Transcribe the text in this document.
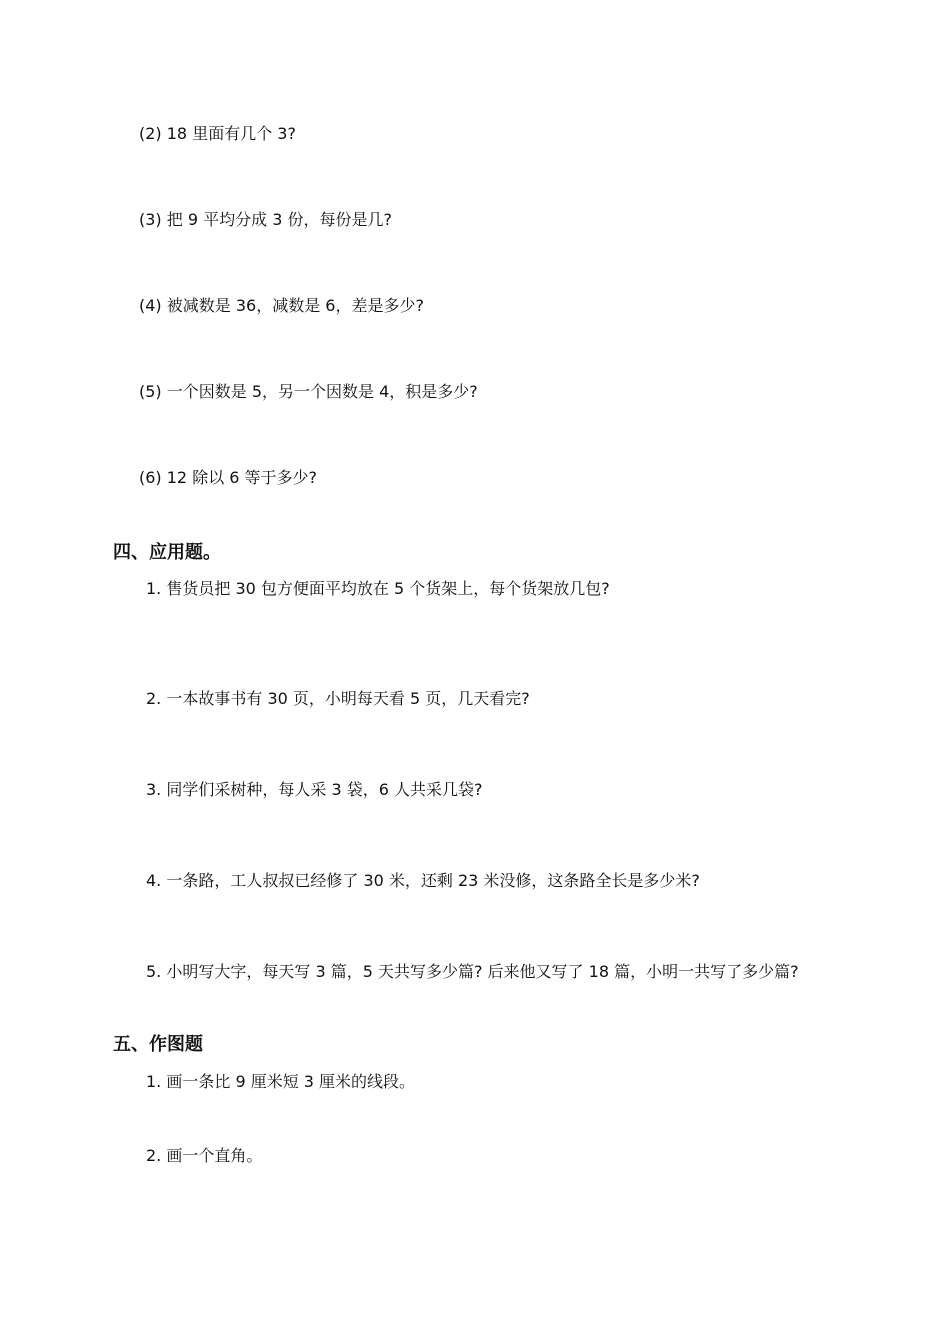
(2) 18 里面有几个 3?
(3) 把 9 平均分成 3 份，每份是几?
(4) 被减数是 36，减数是 6，差是多少?
(5) 一个因数是 5，另一个因数是 4，积是多少?
(6) 12 除以 6 等于多少?
四、应用题。
1. 售货员把 30 包方便面平均放在 5 个货架上，每个货架放几包?
2. 一本故事书有 30 页，小明每天看 5 页，几天看完?
3. 同学们采树种，每人采 3 袋，6 人共采几袋?
4. 一条路，工人叔叔已经修了 30 米，还剩 23 米没修，这条路全长是多少米?
5. 小明写大字，每天写 3 篇，5 天共写多少篇? 后来他又写了 18 篇，小明一共写了多少篇?
五、作图题
1. 画一条比 9 厘米短 3 厘米的线段。
2. 画一个直角。
